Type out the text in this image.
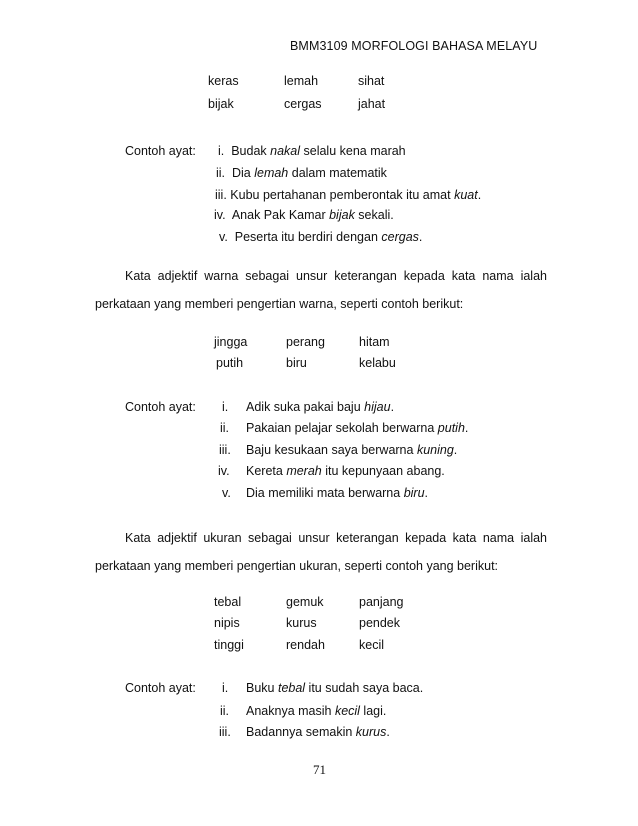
BMM3109 MORFOLOGI BAHASA MELAYU
keras	lemah	sihat
bijak	cergas	jahat
Contoh ayat: i. Budak nakal selalu kena marah
ii. Dia lemah dalam matematik
iii. Kubu pertahanan pemberontak itu amat kuat.
iv. Anak Pak Kamar bijak sekali.
v. Peserta itu berdiri dengan cergas.
Kata adjektif warna sebagai unsur keterangan kepada kata nama ialah
perkataan yang memberi pengertian warna, seperti contoh berikut:
jingga	perang	hitam
putih	biru	kelabu
Contoh ayat: i. Adik suka pakai baju hijau.
ii. Pakaian pelajar sekolah berwarna putih.
iii. Baju kesukaan saya berwarna kuning.
iv. Kereta merah itu kepunyaan abang.
v. Dia memiliki mata berwarna biru.
Kata adjektif ukuran sebagai unsur keterangan kepada kata nama ialah
perkataan yang memberi pengertian ukuran, seperti contoh yang berikut:
tebal	gemuk	panjang
nipis	kurus	pendek
tinggi	rendah	kecil
Contoh ayat: i. Buku tebal itu sudah saya baca.
ii. Anaknya masih kecil lagi.
iii. Badannya semakin kurus.
71
